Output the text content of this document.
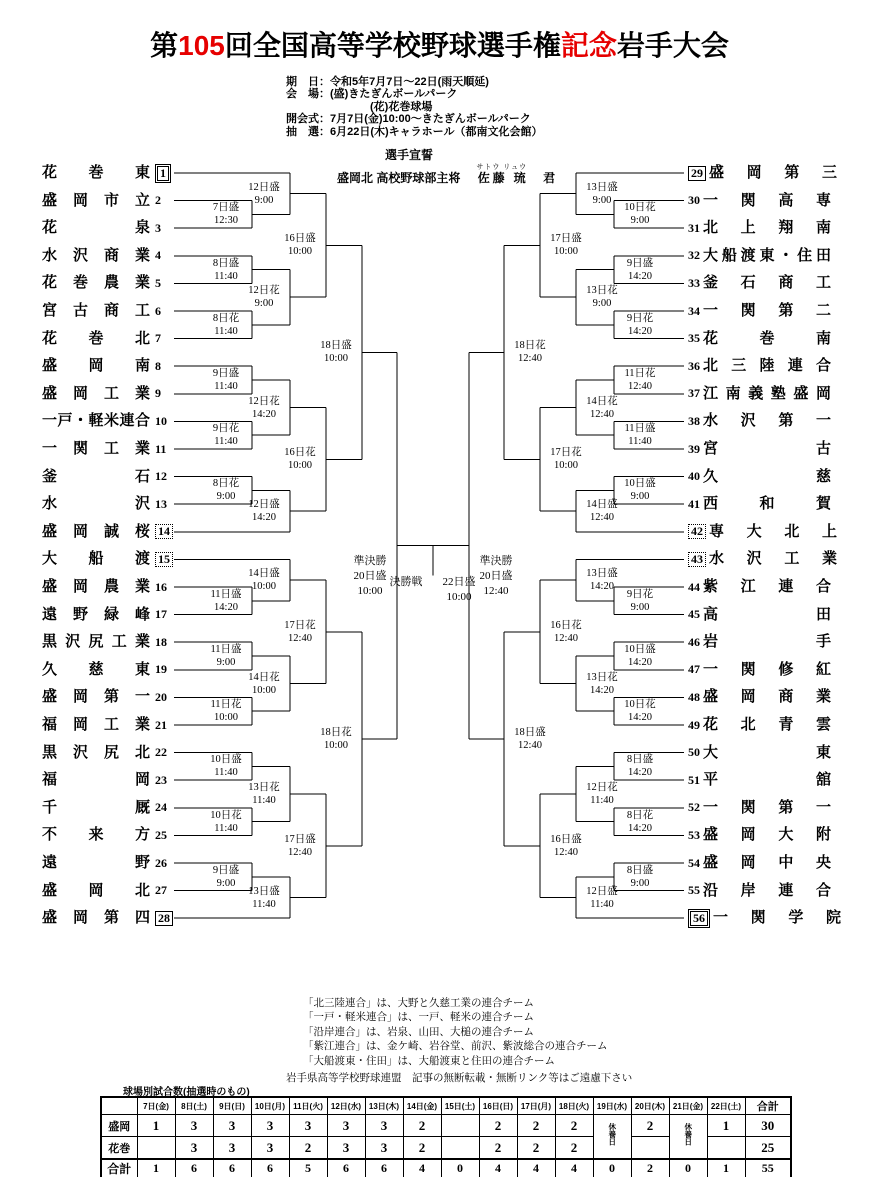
第105回全国高等学校野球選手権記念岩手大会
期　日：令和5年7月7日～22日(雨天順延)
会　場：(盛)きたぎんボールパーク
(花)花巻球場
開会式：7月7日(金)10:00～きたぎんボールパーク
抽　選：6月22日(木)キャラホール（都南文化会館）
選手宣誓
盛岡北 高校野球部主将 佐藤 琉サトウ リュウ
君
花巻東 1
盛岡市立 2
花泉 3
水沢商業 4
花巻農業 5
宮古商工 6
花巻北 7
盛岡南 8
盛岡工業 9
一戸・軽米連合 10
一関工業 11
釜石 12
水沢 13
盛岡誠桜 14
大船渡 15
盛岡農業 16
遠野緑峰 17
黒沢尻工業 18
久慈東 19
盛岡第一 20
福岡工業 21
黒沢尻北 22
福岡 23
千厩 24
不来方 25
遠野 26
盛岡北 27
盛岡第四 28
29 盛岡第三
30 一関高専
31 北上翔南
32 大船渡東・住田
33 釜石商工
34 一関第二
35 花巻南
36 北三陸連合
37 江南義塾盛岡
38 水沢第一
39 宮古
40 久慈
41 西和賀
42 専大北上
43 水沢工業
44 紫江連合
45 高田
46 岩手
47 一関修紅
48 盛岡商業
49 花北青雲
50 大東
51 平舘
52 一関第一
53 盛岡大附
54 盛岡中央
55 沿岸連合
56 一関学院
7日盛
12:30
12日盛
9:00
8日盛
11:40
8日花
11:40
12日花
9:00
16日盛
10:00
9日盛
11:40
9日花
11:40
12日花
14:20
8日花
9:00
12日盛
14:20
16日花
10:00
18日盛
10:00
11日盛
14:20
14日盛
10:00
11日盛
9:00
11日花
10:00
14日花
10:00
17日花
12:40
10日盛
11:40
10日花
11:40
13日花
11:40
9日盛
9:00
13日盛
11:40
17日盛
12:40
18日花
10:00
10日花
9:00
13日盛
9:00
9日盛
14:20
9日花
14:20
13日花
9:00
17日盛
10:00
11日花
12:40
11日盛
11:40
14日花
12:40
10日盛
9:00
14日盛
12:40
17日花
10:00
18日花
12:40
9日花
9:00
13日盛
14:20
10日盛
14:20
10日花
14:20
13日花
14:20
16日花
12:40
8日盛
14:20
8日花
14:20
12日花
11:40
8日盛
9:00
12日盛
11:40
16日盛
12:40
18日盛
12:40
準決勝
20日盛
10:00
準決勝
20日盛
12:40
決勝戦	22日盛
10:00
「北三陸連合」は、大野と久慈工業の連合チーム
「一戸・軽米連合」は、一戸、軽米の連合チーム
「沿岸連合」は、岩泉、山田、大槌の連合チーム
「紫江連合」は、金ケ崎、岩谷堂、前沢、紫波総合の連合チーム
「大船渡東・住田」は、大船渡東と住田の連合チーム
岩手県高等学校野球連盟　記事の無断転載・無断リンク等はご遠慮下さい
球場別試合数(抽選時のもの)
	7日(金)	8日(土)	9日(日)	10日(月)	11日(火)	12日(水)	13日(木)	14日(金)	15日(土)	16日(日)	17日(月)	18日(火)	19日(水)	20日(木)	21日(金)	22日(土)	合計
盛岡	1	3	3	3	3	3	3	2		2	2	2	休養日	2	休養日	1	30
花巻		3	3	3	2	3	3	2		2	2	2					25
合計	1	6	6	6	5	6	6	4	0	4	4	4	0	2	0	1	55
